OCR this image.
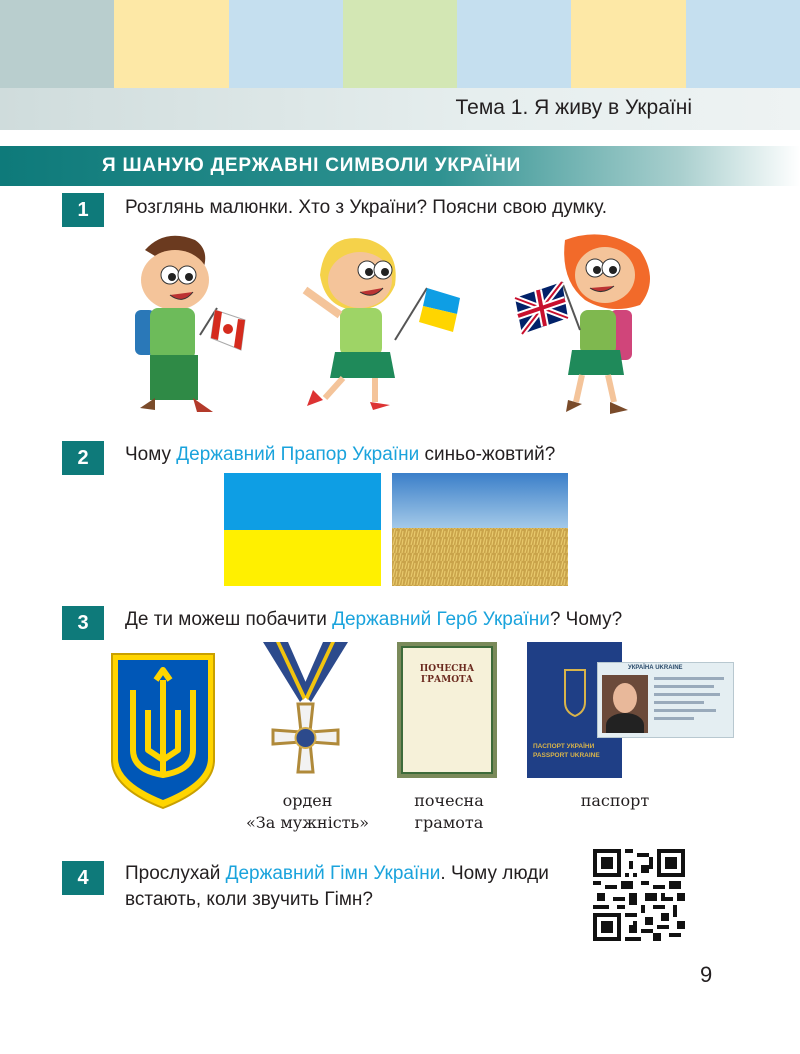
Тема 1. Я живу в Україні
Я ШАНУЮ ДЕРЖАВНІ СИМВОЛИ УКРАЇНИ
1	Розглянь малюнки. Хто з України? Поясни свою думку.
2	Чому Державний Прапор України синьо-жовтий?
3	Де ти можеш побачити Державний Герб України? Чому?
орден
«За мужність»
ПОЧЕСНА
ГРАМОТА
почесна
грамота
ПАСПОРТ УКРАЇНИ
PASSPORT UKRAINE
УКРАЇНА UKRAINE
паспорт
4	Прослухай Державний Гімн України. Чому люди встають, коли звучить Гімн?
9
